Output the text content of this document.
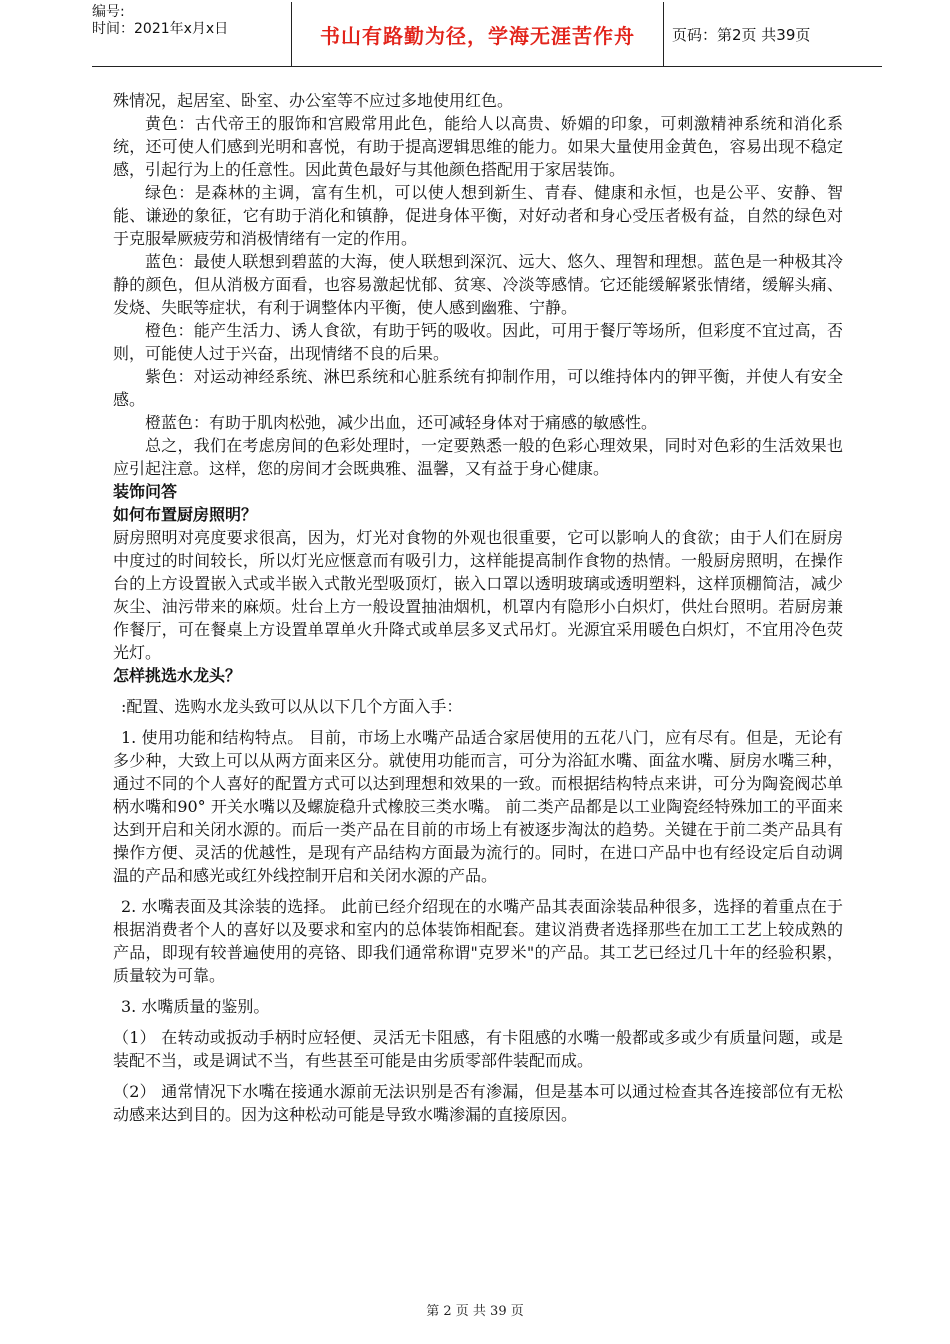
编号:
时间：2021年x月x日	书山有路勤为径，学海无涯苦作舟	页码：第2页 共39页

殊情况，起居室、卧室、办公室等不应过多地使用红色。

黄色：古代帝王的服饰和宫殿常用此色，能给人以高贵、娇媚的印象，可刺激精神系统和消化系统，还可使人们感到光明和喜悦，有助于提高逻辑思维的能力。如果大量使用金黄色，容易出现不稳定感，引起行为上的任意性。因此黄色最好与其他颜色搭配用于家居装饰。

绿色：是森林的主调，富有生机，可以使人想到新生、青春、健康和永恒，也是公平、安静、智能、谦逊的象征，它有助于消化和镇静，促进身体平衡，对好动者和身心受压者极有益，自然的绿色对于克服晕厥疲劳和消极情绪有一定的作用。

蓝色：最使人联想到碧蓝的大海，使人联想到深沉、远大、悠久、理智和理想。蓝色是一种极其冷静的颜色，但从消极方面看，也容易激起忧郁、贫寒、冷淡等感情。它还能缓解紧张情绪，缓解头痛、发烧、失眠等症状，有利于调整体内平衡，使人感到幽雅、宁静。

橙色：能产生活力、诱人食欲，有助于钙的吸收。因此，可用于餐厅等场所，但彩度不宜过高，否则，可能使人过于兴奋，出现情绪不良的后果。

紫色：对运动神经系统、淋巴系统和心脏系统有抑制作用，可以维持体内的钾平衡，并使人有安全感。

橙蓝色：有助于肌肉松弛，减少出血，还可减轻身体对于痛感的敏感性。

总之，我们在考虑房间的色彩处理时，一定要熟悉一般的色彩心理效果，同时对色彩的生活效果也应引起注意。这样，您的房间才会既典雅、温馨，又有益于身心健康。

装饰问答

如何布置厨房照明？

厨房照明对亮度要求很高，因为，灯光对食物的外观也很重要，它可以影响人的食欲；由于人们在厨房中度过的时间较长，所以灯光应惬意而有吸引力，这样能提高制作食物的热情。一般厨房照明，在操作台的上方设置嵌入式或半嵌入式散光型吸顶灯，嵌入口罩以透明玻璃或透明塑料，这样顶棚简洁，减少灰尘、油污带来的麻烦。灶台上方一般设置抽油烟机，机罩内有隐形小白炽灯，供灶台照明。若厨房兼作餐厅，可在餐桌上方设置单罩单火升降式或单层多叉式吊灯。光源宜采用暖色白炽灯，不宜用冷色荧光灯。

怎样挑选水龙头？

:配置、选购水龙头致可以从以下几个方面入手：

1. 使用功能和结构特点。 目前，市场上水嘴产品适合家居使用的五花八门，应有尽有。但是，无论有多少种，大致上可以从两方面来区分。就使用功能而言，可分为浴缸水嘴、面盆水嘴、厨房水嘴三种，通过不同的个人喜好的配置方式可以达到理想和效果的一致。而根据结构特点来讲，可分为陶瓷阀芯单柄水嘴和90° 开关水嘴以及螺旋稳升式橡胶三类水嘴。 前二类产品都是以工业陶瓷经特殊加工的平面来达到开启和关闭水源的。而后一类产品在目前的市场上有被逐步淘汰的趋势。关键在于前二类产品具有操作方便、灵活的优越性，是现有产品结构方面最为流行的。同时，在进口产品中也有经设定后自动调温的产品和感光或红外线控制开启和关闭水源的产品。

2. 水嘴表面及其涂装的选择。 此前已经介绍现在的水嘴产品其表面涂装品种很多，选择的着重点在于根据消费者个人的喜好以及要求和室内的总体装饰相配套。建议消费者选择那些在加工工艺上较成熟的产品，即现有较普遍使用的亮铬、即我们通常称谓"克罗米"的产品。其工艺已经过几十年的经验积累，质量较为可靠。

3. 水嘴质量的鉴别。

（1） 在转动或扳动手柄时应轻便、灵活无卡阻感，有卡阻感的水嘴一般都或多或少有质量问题，或是装配不当，或是调试不当，有些甚至可能是由劣质零部件装配而成。

（2） 通常情况下水嘴在接通水源前无法识别是否有渗漏，但是基本可以通过检查其各连接部位有无松动感来达到目的。因为这种松动可能是导致水嘴渗漏的直接原因。

第 2 页 共 39 页
